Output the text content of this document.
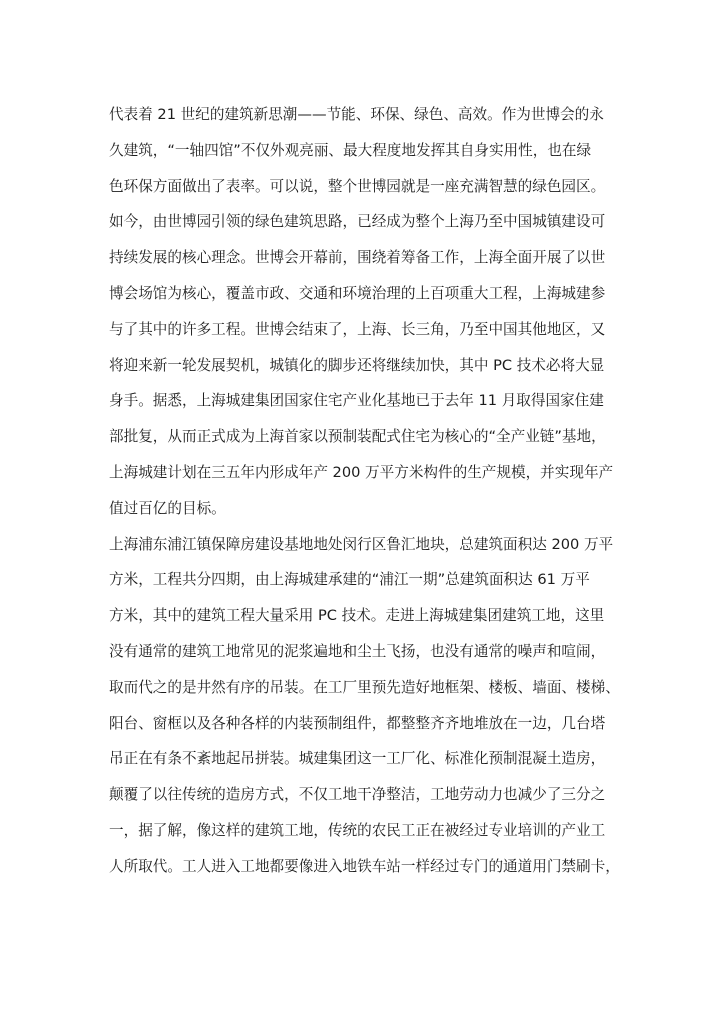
代表着 21 世纪的建筑新思潮——节能、环保、绿色、高效。作为世博会的永
久建筑，“一轴四馆”不仅外观亮丽、最大程度地发挥其自身实用性，也在绿
色环保方面做出了表率。可以说，整个世博园就是一座充满智慧的绿色园区。
如今，由世博园引领的绿色建筑思路，已经成为整个上海乃至中国城镇建设可
持续发展的核心理念。世博会开幕前，围绕着筹备工作，上海全面开展了以世
博会场馆为核心，覆盖市政、交通和环境治理的上百项重大工程，上海城建参
与了其中的许多工程。世博会结束了，上海、长三角，乃至中国其他地区，又
将迎来新一轮发展契机，城镇化的脚步还将继续加快，其中 PC 技术必将大显
身手。据悉，上海城建集团国家住宅产业化基地已于去年 11 月取得国家住建
部批复，从而正式成为上海首家以预制装配式住宅为核心的“全产业链”基地，
上海城建计划在三五年内形成年产 200 万平方米构件的生产规模，并实现年产
值过百亿的目标。
上海浦东浦江镇保障房建设基地地处闵行区鲁汇地块，总建筑面积达 200 万平
方米，工程共分四期，由上海城建承建的“浦江一期”总建筑面积达 61 万平
方米，其中的建筑工程大量采用 PC 技术。走进上海城建集团建筑工地，这里
没有通常的建筑工地常见的泥浆遍地和尘土飞扬，也没有通常的噪声和喧闹，
取而代之的是井然有序的吊装。在工厂里预先造好地框架、楼板、墙面、楼梯、
阳台、窗框以及各种各样的内装预制组件，都整整齐齐地堆放在一边，几台塔
吊正在有条不紊地起吊拼装。城建集团这一工厂化、标准化预制混凝土造房，
颠覆了以往传统的造房方式，不仅工地干净整洁，工地劳动力也减少了三分之
一，据了解，像这样的建筑工地，传统的农民工正在被经过专业培训的产业工
人所取代。工人进入工地都要像进入地铁车站一样经过专门的通道用门禁刷卡，
